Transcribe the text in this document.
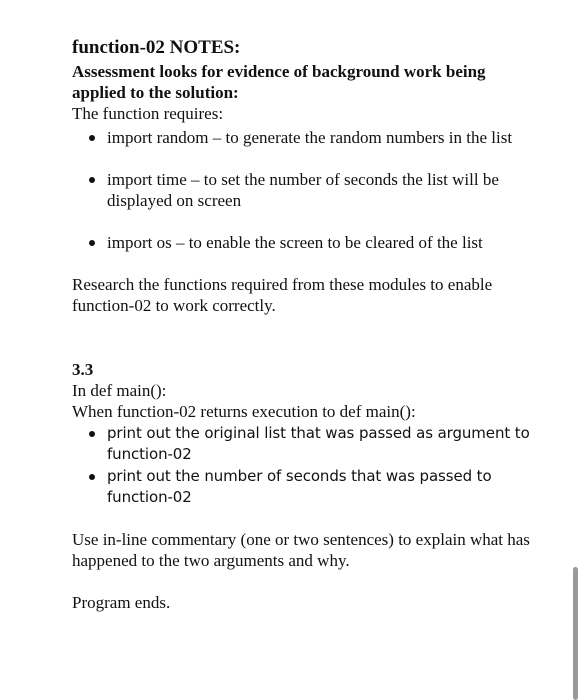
function-02 NOTES:
Assessment looks for evidence of background work being applied to the solution:
The function requires:
import random – to generate the random numbers in the list
import time – to set the number of seconds the list will be displayed on screen
import os – to enable the screen to be cleared of the list
Research the functions required from these modules to enable function-02 to work correctly.
3.3
In def main():
When function-02 returns execution to def main():
print out the original list that was passed as argument to function-02
print out the number of seconds that was passed to function-02
Use in-line commentary (one or two sentences) to explain what has happened to the two arguments and why.
Program ends.
